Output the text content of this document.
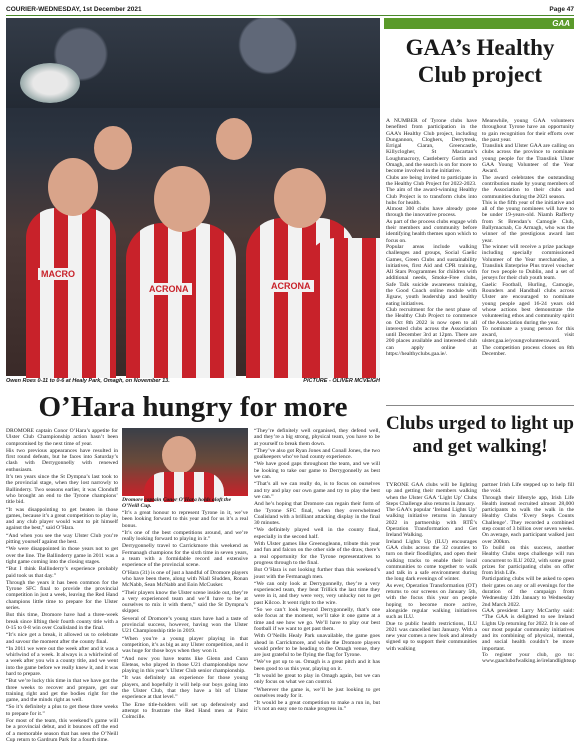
COURIER-WEDNESDAY, 1st December 2021	Page 47
GAA
MACRO
ACRONA	ACRONA
Owen Roes 0-11 to 0-6 at Healy Park, Omagh, on November 13.	PICTURE - OLIVER MCVEIGH
O’Hara hungry for more

DROMORE captain Conor O’Hara’s appetite for Ulster Club Championship action hasn’t been compromised by the next time of year.

His two previous appearances have resulted in first round defeats, but he faces into Saturday’s clash with Derrygonnelly with renewed enthusiasm.

It’s ten years since the St Dympna’s last took to the provincial stage, when they lost narrowly to Ballinderry. Two seasons earlier, it was Clonduff who brought an end to the Tyrone champions’ title bid.

“It was disappointing to get beaten in those games, because it’s a great competition to play in, and any club player would want to pit himself against the best,” said O’Hara.

“And when you see the way Ulster Club you’re pitting yourself against the best.

“We were disappointed in those years not to get over the line. The Ballinderry game in 2011 was a tight game coming into the closing stages.

“But I think Ballinderry’s experience probably paid took us that day.”

Through the years it has been common for the Tyrone SFC final to provide the provincial competition in just a week, leaving the Red Hand champions little time to prepare for the Ulster series.

But this time, Dromore have had a three-week break since lifting their fourth county title with a 0-15 to 0-8 win over Coalisland in the final.

“It’s nice get a break, it allowed us to celebrate and savour the moment after the county final.

“In 2011 we were out the week after and it was a whirlwind of a week. It always is a whirlwind of a week after you win a county title, and we went into the game before we really knew it, and it was hard to prepare.

“But we’re lucky this time in that we have got the three weeks to recover and prepare, get our training right and get the bodies right for the game, and the minds right as well.

“So it’s definitely a plus to get these three weeks to prepare for it.”

For most of the team, this weekend’s game will be a provincial debut, and it bounces off the end of a memorable season that has seen the O’Neill Cup return to Gardrum Park for a fourth time.

Dromore captain Conor O’Hara holds aloft the O’Neill Cup.

“It’s a great honour to represent Tyrone in it, we’ve been looking forward to this year and for us it’s a real bonus.

“It’s one of the best competitions around, and we’re really looking forward to playing in it.”

Derrygonnelly travel to Carrickmore this weekend as Fermanagh champions for the sixth time in seven years, a team with a formidable record and extensive experience of the provincial scene.

O’Hara (31) is one of just a handful of Dromore players who have been there, along with Niall Sludden, Ronan McNabb, Sean McNabb and Eoin McCusker.

“Their players know the Ulster scene inside out, they’re a very experienced team and we’ll have to be at ourselves to mix it with them,” said the St Dympna’s skipper.

Several of Dromore’s young stars have had a taste of provincial success, however, having won the Ulster U21 Championship title in 2019.

“When you’re a young player playing in that competition, it’s as big as any Ulster competition, and it was huge for those boys when they won it.

“And now you have teams like Glenn and Cunn Eleteas, who played in those U21 championships now playing in this year’s Ulster Club senior championship.

“It was definitely an experience for those young players, and hopefully it will help our boys going into the Ulster Club, that they have a bit of Ulster experience at that level.”

The Erne title-holders will set up defensively and attempt to frustrate the Red Hand men at Pairc Colmcille.

“They’re definitely well organised, they defend well, and they’re a big strong, physical team, you have to be at yourself to break them down.

“They’ve also got Ryan Jones and Conall Jones, the two goalkeepers who’ve had county experience.

“We have good gaps throughout the team, and we will be looking to take our game to Derrygonnelly as best we can.

“That’s all we can really do, is to focus on ourselves and try and play our own game and try to play the best we can.”

And he’s hoping that Dromore can regain their form of the Tyrone SFC final, when they overwhelmed Coalisland with a brilliant attacking display in the final 30 minutes.

“We definitely played well in the county final, especially in the second half.

With Ulster games like Greenogleann, tribute this year and fun and falcon on the other side of the draw, there’s a real opportunity for the Tyrone representatives to progress through to the final.

But O’Hara is not looking further than this weekend’s joust with the Fermanagh men.

“We can only look at Derrygonnelly, they’re a very experienced team, they beat Trillick the last time they were in it, and they were very, very unlucky not to get past Kilcoo. It went right to the wire.

“So we can’t look beyond Derrygonnelly, that’s one sole focus at the moment, we’ll take it one game at a time and see how we go. We’ll have to play our best football if we want to get past them.

With O’Neills Healy Park unavailable, the game goes ahead in Carrickmore, and while the Dromore players would prefer to be heading to the Omagh venue, they are just grateful to be flying the flag for Tyrone.

“We’ve got up to us. Omagh is a great pitch and it has been good to us this year, playing on it.

“It would be great to play in Omagh again, but we can only focus on what we can control.

“Wherever the game is, we’ll be just looking to get ourselves ready for it.

“It would be a great competition to make a run in, but it’s not an easy one to make progress in.”

GAA’s Healthy Club project

A NUMBER of Tyrone clubs have benefited from participation in the GAA’s Healthy Club project, including Dungannon, Cloghers, Derrytresk, Errigal Ciaran, Greencastle, Killyclogher, St Macartan’s Loughmacrory, Castleberry Gortin and Omagh, and the search is on for more to become involved in the initiative.

Clubs are being invited to participate in the Healthy Club Project for 2022-2023.

The aim of the award-winning Healthy Club Project is to transform clubs into hubs for health.

Almost 300 clubs have already gone through the innovative process.

As part of the process clubs engage with their members and community before identifying health themes upon which to focus on.

Popular areas include walking challenges and groups, Social Gaelic Games, Green Clubs and sustainability initiatives, first Aid and CPR training, All Stars Programmes for children with additional needs, Smoke-Free clubs, Safe Talk suicide awareness training, the Good Coach online module with Jigsaw, youth leadership and healthy eating initiatives.

Club recruitment for the next phase of the Healthy Club Project to commence on Oct 8th 2022 is now open to all interested clubs across the Association until December 3rd at 12pm. There are 200 places available and interested club can apply online at https://healthyclubs.gaa.ie/.

Meanwhile, young GAA volunteers throughout Tyrone have an opportunity to gain recognition for their efforts over the past year.

Translink and Ulster GAA are calling on clubs across the province to nominate young people for the Translink Ulster GAA Young Volunteer of the Year Award.

The award celebrates the outstanding contribution made by young members of the Association to their clubs and communities during the 2021 season.

This is the fifth year of the initiative and all of the young nominees will have to be under 19-years-old. Niamh Rafferty from St Brendan’s Camogie Club, Ballymacnab, Co Armagh, who was the winner of the prestigious award last year.

The winner will receive a prize package including specially commissioned Volunteer of the Year merchandise, a Translink Enterprise Plus travel voucher for two people to Dublin, and a set of jerseys for their club youth team.

Gaelic Football, Hurling, Camogie, Rounders and Handball clubs across Ulster are encouraged to nominate young people aged 16-24 years old whose actions best demonstrate the volunteering ethos and community spirit of the Association during the year.

To nominate a young person for this award, visit ulster.gaa.ie/youngvolunteeraward.

The competition process closes on 8th December.

Clubs urged to light up and get walking!

TYRONE GAA clubs will be lighting up and getting their members walking when the Ulster GAA ‘Light Up’ Clubs Steps Challenge also returns in January.

The GAA’s popular ‘Ireland Lights Up’ walking initiative returns in January 2022 in partnership with RTÉ’s Operation Transformation and Get Ireland Walking.

Ireland Lights Up (ILU) encourages GAA clubs across the 32 counties to turn on their floodlights, and open their walking tracks to enable their local communities to come together to walk and talk in a safe environment during the long dark evenings of winter.

As ever, Operation Transformation (OT) returns to our screens on January 5th, with the focus this year on people hoping to become more active, alongside regular walking initiatives such as ILU.

Due to public health restrictions, ILU 2021 was cancelled last January. With a new year comes a new look and already signed up to support their communities with walking

partner Irish Life stepped up to help fill the void.

Through their lifestyle app, Irish Life Health instead recruited almost 28,000 participants to walk the walk in the Healthy Clubs ‘Every Steps Counts Challenge’. They recorded a combined step count of 3 billion over seven weeks. On average, each participant walked just over 200km.

To build on this success, another Healthy Clubs steps challenge will run concurrent to ILU 2022, with some great prizes for participating clubs on offer from Irish Life.

Participating clubs will be asked to open their gates on any or all evenings for the duration of the campaign from Wednesday 12th January to Wednesday 2nd March 2022.

GAA president Larry McCarthy said: “The GAA is delighted to see Ireland Lights Up returning for 2022. It is one of our most popular community initiatives and its combining of physical, mental, and social health couldn’t be more important.

To register your club, go to: www.gaaclubofwalking.ie/irelandlightsup
